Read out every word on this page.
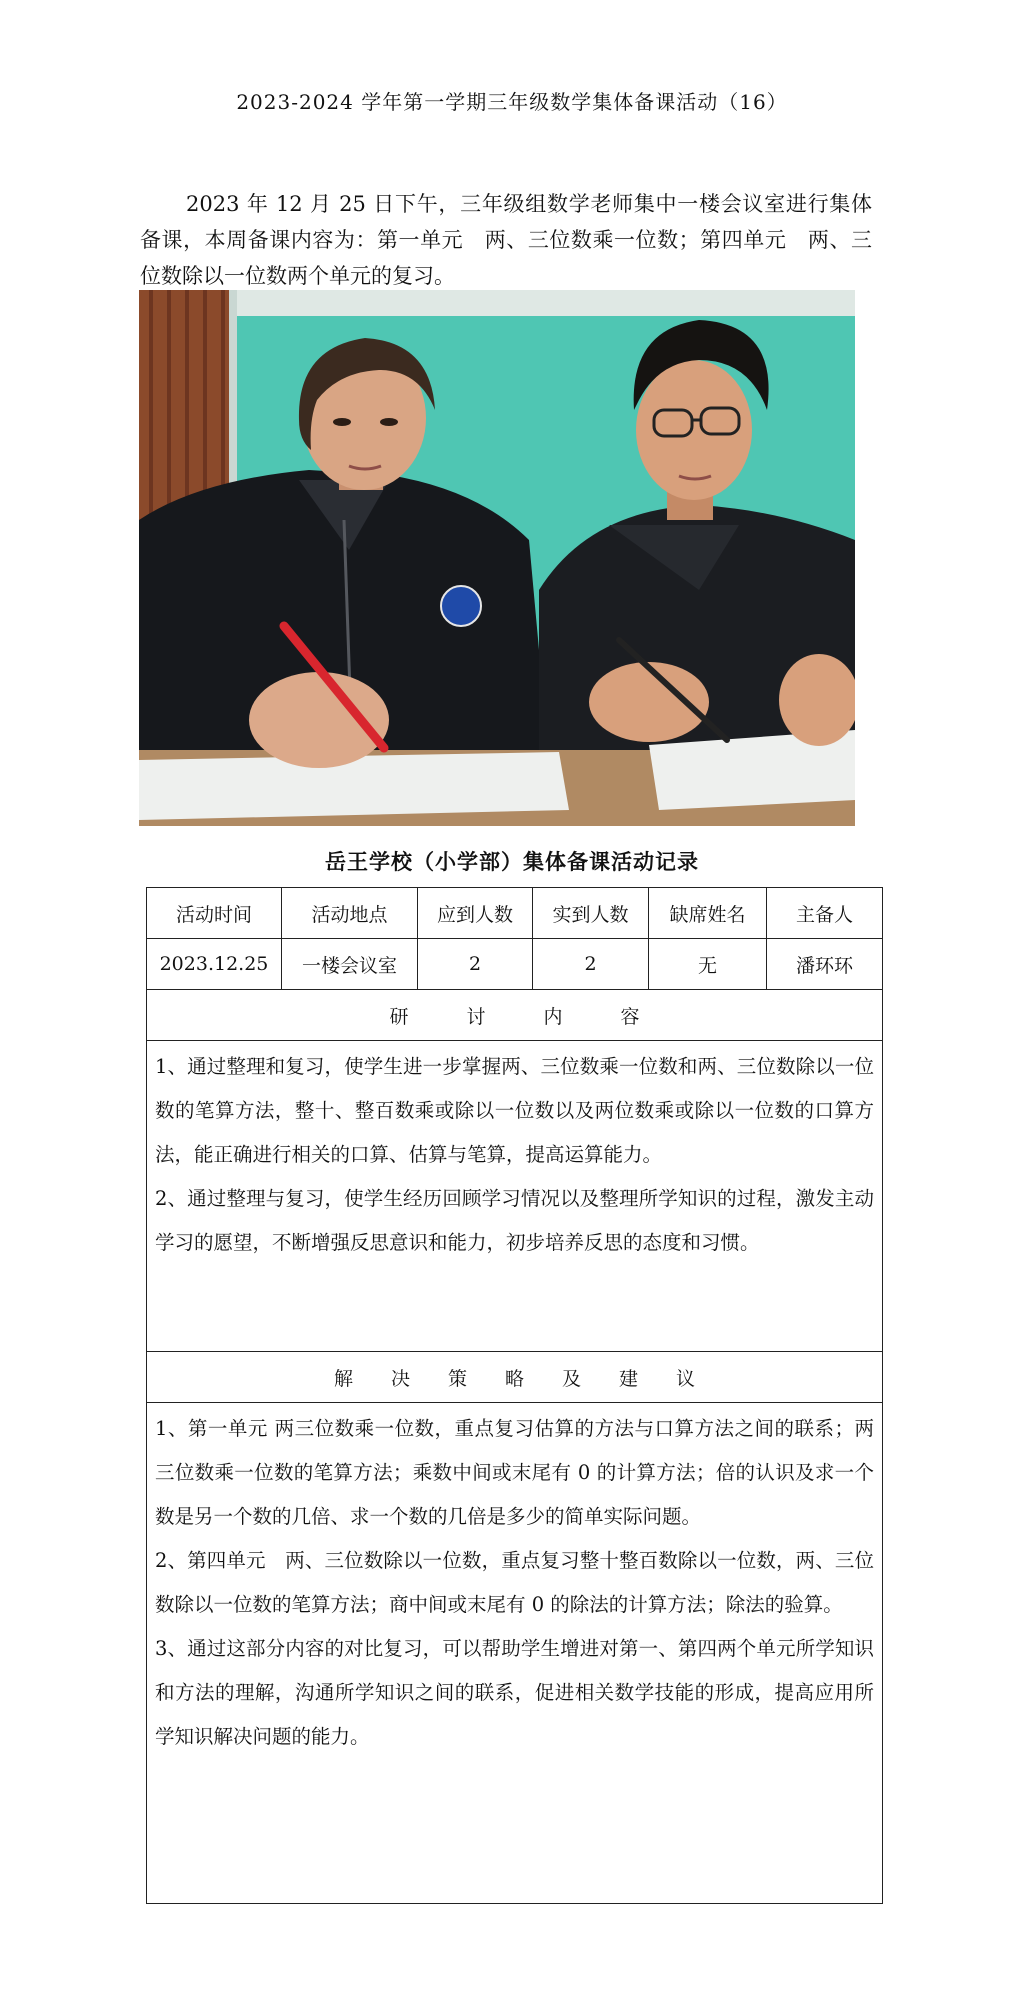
2023-2024 学年第一学期三年级数学集体备课活动（16）
2023 年 12 月 25 日下午，三年级组数学老师集中一楼会议室进行集体备课，本周备课内容为：第一单元　两、三位数乘一位数；第四单元　两、三位数除以一位数两个单元的复习。
岳王学校（小学部）集体备课活动记录
活动时间	活动地点	应到人数	实到人数	缺席姓名	主备人
2023.12.25	一楼会议室	2	2	无	潘环环
研讨内容					

1、通过整理和复习，使学生进一步掌握两、三位数乘一位数和两、三位数除以一位数的笔算方法，整十、整百数乘或除以一位数以及两位数乘或除以一位数的口算方法，能正确进行相关的口算、估算与笔算，提高运算能力。

2、通过整理与复习，使学生经历回顾学习情况以及整理所学知识的过程，激发主动学习的愿望，不断增强反思意识和能力，初步培养反思的态度和习惯。					

解决策略及建议					

1、第一单元 两三位数乘一位数，重点复习估算的方法与口算方法之间的联系；两三位数乘一位数的笔算方法；乘数中间或末尾有 0 的计算方法；倍的认识及求一个数是另一个数的几倍、求一个数的几倍是多少的简单实际问题。

2、第四单元　两、三位数除以一位数，重点复习整十整百数除以一位数，两、三位数除以一位数的笔算方法；商中间或末尾有 0 的除法的计算方法；除法的验算。

3、通过这部分内容的对比复习，可以帮助学生增进对第一、第四两个单元所学知识和方法的理解，沟通所学知识之间的联系，促进相关数学技能的形成，提高应用所学知识解决问题的能力。					
